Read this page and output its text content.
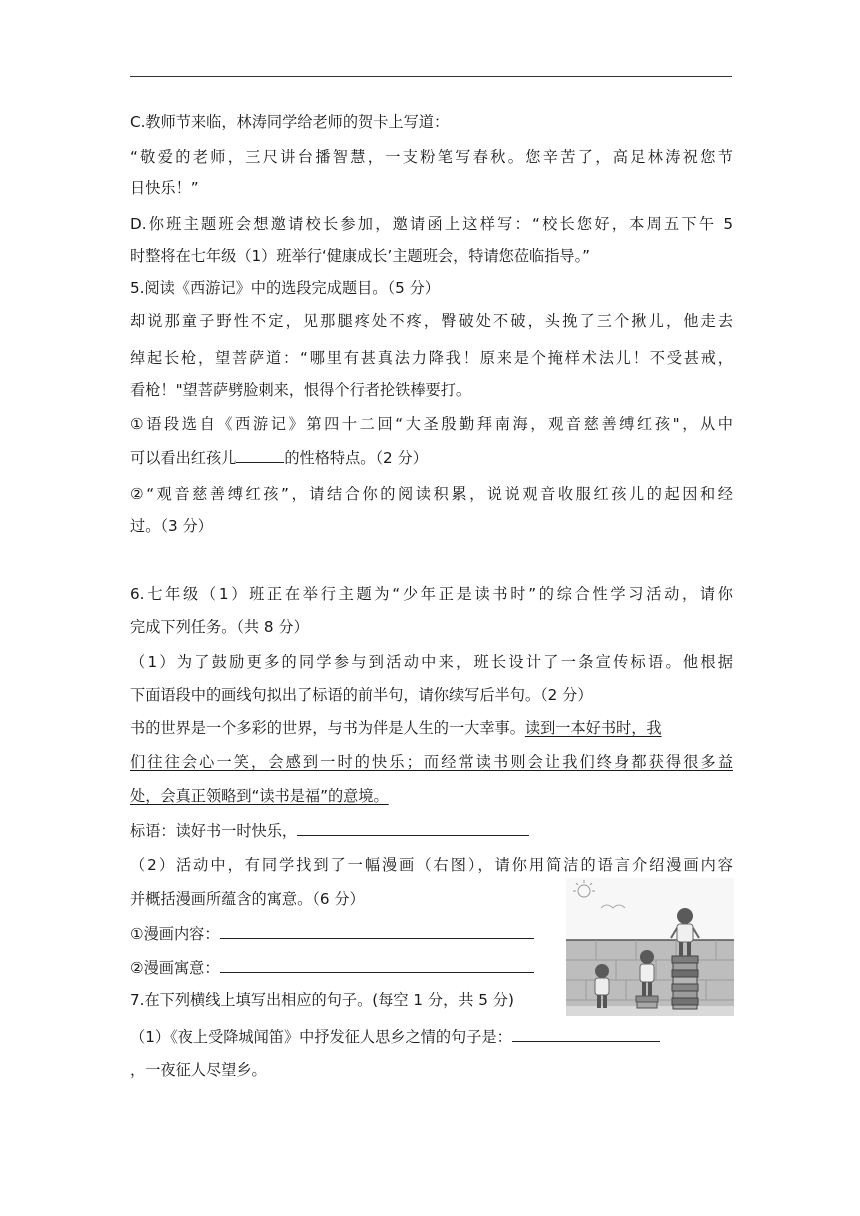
C.教师节来临，林涛同学给老师的贺卡上写道：
“敬爱的老师，三尺讲台播智慧，一支粉笔写春秋。您辛苦了，高足林涛祝您节
日快乐！”
D.你班主题班会想邀请校长参加，邀请函上这样写：“校长您好，本周五下午 5
时整将在七年级（1）班举行‘健康成长’主题班会，特请您莅临指导。”
5.阅读《西游记》中的选段完成题目。（5 分）
却说那童子野性不定，见那腿疼处不疼，臀破处不破，头挽了三个揪儿，他走去
绰起长枪，望菩萨道：“哪里有甚真法力降我！原来是个掩样术法儿！不受甚戒，
看枪！"望菩萨劈脸刺来，恨得个行者抡铁棒要打。
①语段选自《西游记》第四十二回“大圣殷勤拜南海，观音慈善缚红孩"，从中
可以看出红孩儿	的性格特点。（2 分）
②“观音慈善缚红孩”，请结合你的阅读积累，说说观音收服红孩儿的起因和经
过。（3 分）
6.七年级（1）班正在举行主题为“少年正是读书时”的综合性学习活动，请你
完成下列任务。（共 8 分）
（1）为了鼓励更多的同学参与到活动中来，班长设计了一条宣传标语。他根据
下面语段中的画线句拟出了标语的前半句，请你续写后半句。（2 分）
书的世界是一个多彩的世界，与书为伴是人生的一大幸事。读到一本好书时，我
们往往会心一笑，会感到一时的快乐；而经常读书则会让我们终身都获得很多益
处，会真正领略到“读书是福”的意境。
标语：读好书一时快乐，
（2）活动中，有同学找到了一幅漫画（右图），请你用简洁的语言介绍漫画内容
并概括漫画所蕴含的寓意。（6 分）
①漫画内容：
②漫画寓意：
7.在下列横线上填写出相应的句子。(每空 1 分，共 5 分)
（1）《夜上受降城闻笛》中抒发征人思乡之情的句子是：
，一夜征人尽望乡。
